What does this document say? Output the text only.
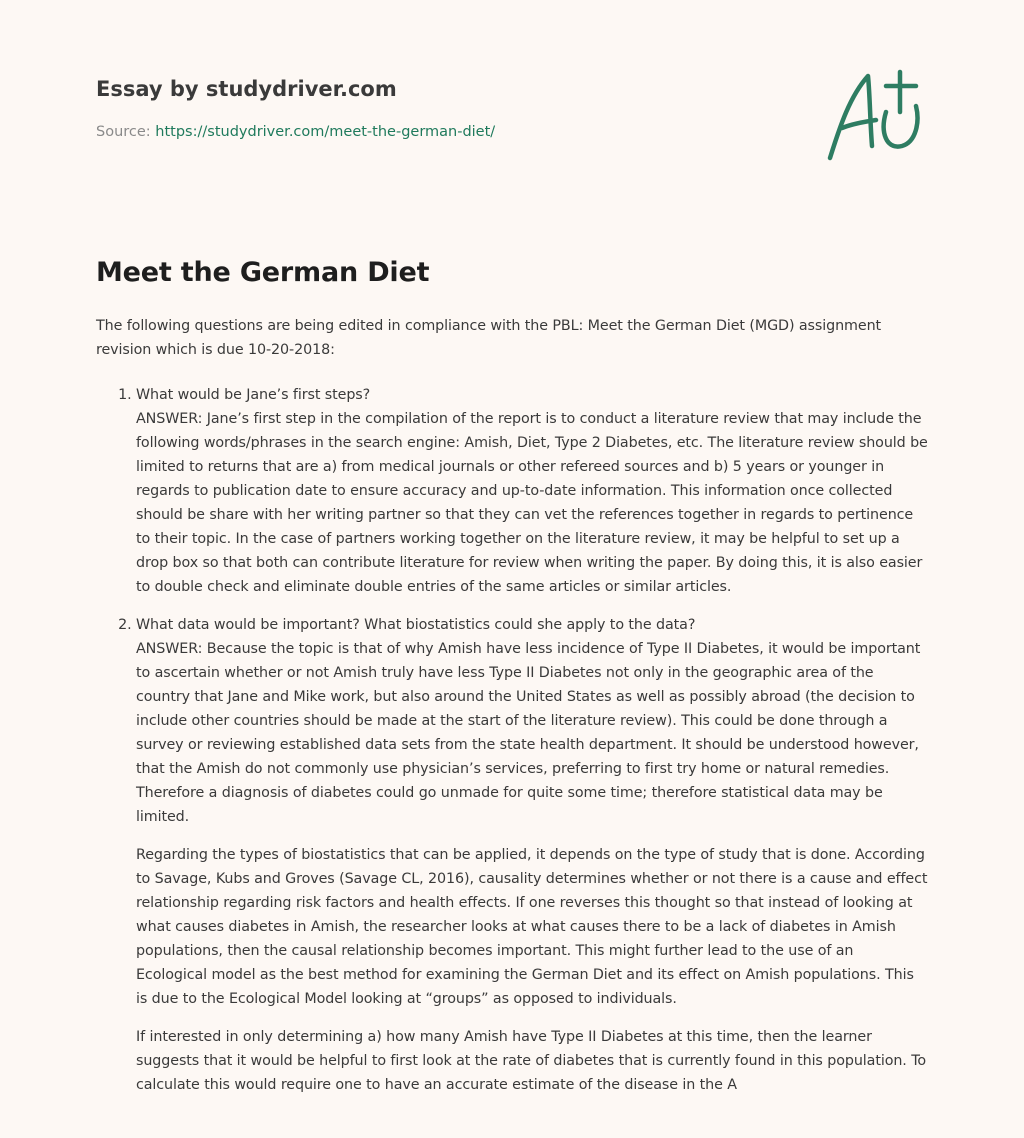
Essay by studydriver.com
Source: https://studydriver.com/meet-the-german-diet/
Meet the German Diet

The following questions are being edited in compliance with the PBL: Meet the German Diet (MGD) assignment revision which is due 10-20-2018:

1. What would be Jane’s first steps?
ANSWER: Jane’s first step in the compilation of the report is to conduct a literature review that may include the following words/phrases in the search engine: Amish, Diet, Type 2 Diabetes, etc. The literature review should be limited to returns that are a) from medical journals or other refereed sources and b) 5 years or younger in regards to publication date to ensure accuracy and up-to-date information. This information once collected should be share with her writing partner so that they can vet the references together in regards to pertinence to their topic. In the case of partners working together on the literature review, it may be helpful to set up a drop box so that both can contribute literature for review when writing the paper. By doing this, it is also easier to double check and eliminate double entries of the same articles or similar articles.

2. What data would be important? What biostatistics could she apply to the data?
ANSWER: Because the topic is that of why Amish have less incidence of Type II Diabetes, it would be important to ascertain whether or not Amish truly have less Type II Diabetes not only in the geographic area of the country that Jane and Mike work, but also around the United States as well as possibly abroad (the decision to include other countries should be made at the start of the literature review). This could be done through a survey or reviewing established data sets from the state health department. It should be understood however, that the Amish do not commonly use physician’s services, preferring to first try home or natural remedies. Therefore a diagnosis of diabetes could go unmade for quite some time; therefore statistical data may be limited.

Regarding the types of biostatistics that can be applied, it depends on the type of study that is done. According to Savage, Kubs and Groves (Savage CL, 2016), causality determines whether or not there is a cause and effect relationship regarding risk factors and health effects. If one reverses this thought so that instead of looking at what causes diabetes in Amish, the researcher looks at what causes there to be a lack of diabetes in Amish populations, then the causal relationship becomes important. This might further lead to the use of an Ecological model as the best method for examining the German Diet and its effect on Amish populations. This is due to the Ecological Model looking at “groups” as opposed to individuals.

If interested in only determining a) how many Amish have Type II Diabetes at this time, then the learner suggests that it would be helpful to first look at the rate of diabetes that is currently found in this population. To calculate this would require one to have an accurate estimate of the disease in the A
